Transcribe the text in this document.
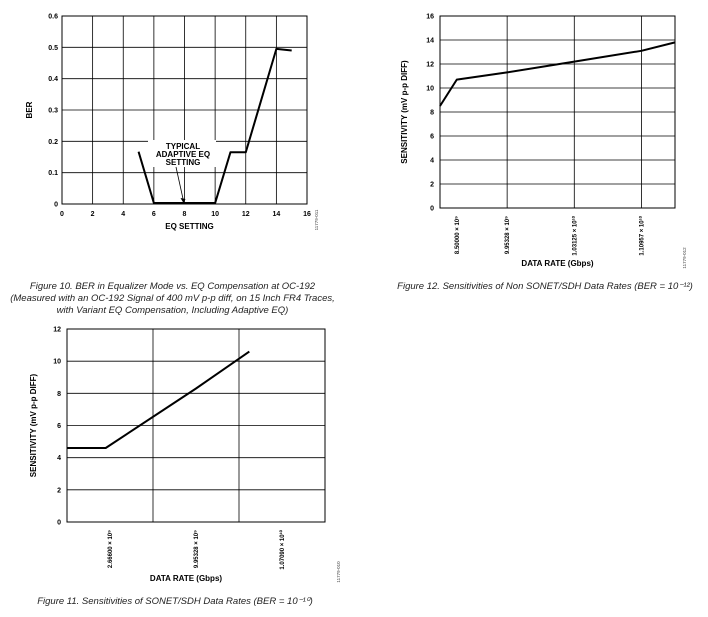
0	2	4	6	8	10	12	14	16
0
0.1
0.2
0.3
0.4
0.5
0.6
TYPICAL
ADAPTIVE EQ
SETTING
EQ SETTING
BER
11779-011
0
2
4
6
8
10
12
14
16
8.50000 × 10⁹	9.95328 × 10⁹	1.03125 × 10¹⁰	1.10957 × 10¹⁰
DATA RATE (Gbps)
SENSITIVITY (mV p-p DIFF)
11779-012
0
2
4
6
8
10
12
2.66600 × 10⁹	9.95328 × 10⁹	1.07090 × 10¹⁰
DATA RATE (Gbps)
SENSITIVITY (mV p-p DIFF)
11779-010
Figure 10. BER in Equalizer Mode vs. EQ Compensation at OC-192
(Measured with an OC-192 Signal of 400 mV p-p diff, on 15 Inch FR4 Traces,
with Variant EQ Compensation, Including Adaptive EQ)
Figure 12. Sensitivities of Non SONET/SDH Data Rates (BER = 10⁻¹²)
Figure 11. Sensitivities of SONET/SDH Data Rates (BER = 10⁻¹⁰)
